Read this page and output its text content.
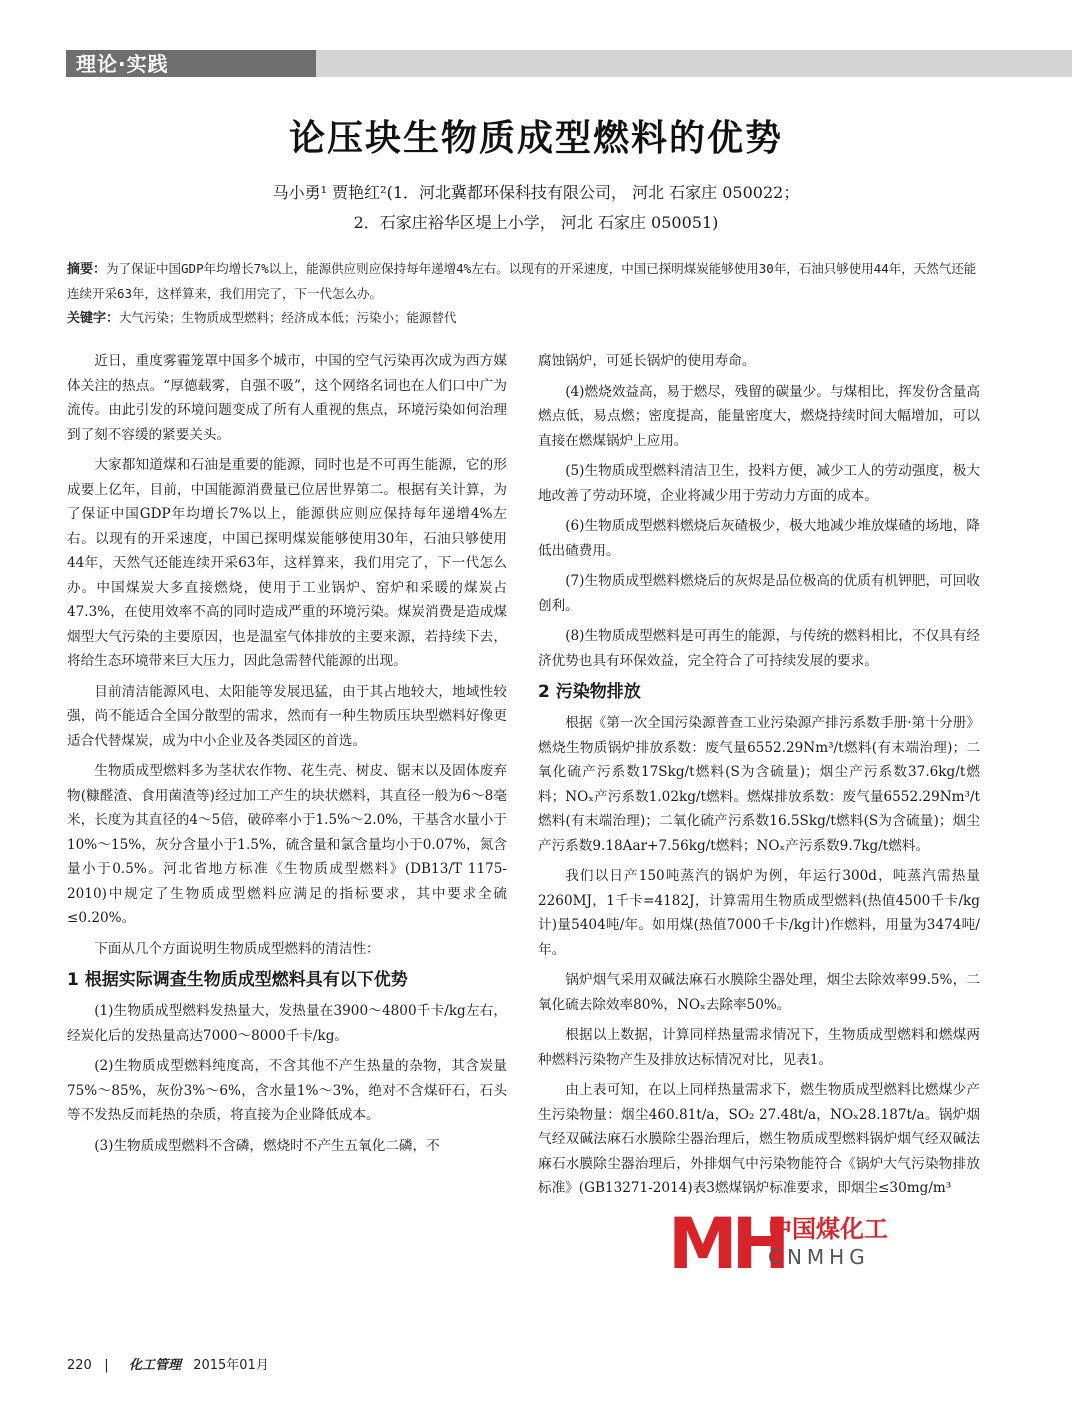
理论·实践
论压块生物质成型燃料的优势
马小勇¹ 贾艳红²(1．河北冀都环保科技有限公司， 河北 石家庄 050022；
2．石家庄裕华区堤上小学， 河北 石家庄 050051)

摘要：为了保证中国GDP年均增长7%以上，能源供应则应保持每年递增4%左右。以现有的开采速度，中国已探明煤炭能够使用30年，石油只够使用44年，天然气还能连续开采63年，这样算来，我们用完了，下一代怎么办。

关键字：大气污染；生物质成型燃料；经济成本低；污染小；能源替代

近日，重度雾霾笼罩中国多个城市，中国的空气污染再次成为西方媒体关注的热点。“厚德载雾，自强不吸”，这个网络名词也在人们口中广为流传。由此引发的环境问题变成了所有人重视的焦点，环境污染如何治理到了刻不容缓的紧要关头。

大家都知道煤和石油是重要的能源，同时也是不可再生能源，它的形成要上亿年，目前，中国能源消费量已位居世界第二。根据有关计算，为了保证中国GDP年均增长7%以上，能源供应则应保持每年递增4%左右。以现有的开采速度，中国已探明煤炭能够使用30年，石油只够使用44年，天然气还能连续开采63年，这样算来，我们用完了，下一代怎么办。中国煤炭大多直接燃烧，使用于工业锅炉、窑炉和采暖的煤炭占47.3%，在使用效率不高的同时造成严重的环境污染。煤炭消费是造成煤烟型大气污染的主要原因，也是温室气体排放的主要来源，若持续下去，将给生态环境带来巨大压力，因此急需替代能源的出现。

目前清洁能源风电、太阳能等发展迅猛，由于其占地较大，地域性较强，尚不能适合全国分散型的需求，然而有一种生物质压块型燃料好像更适合代替煤炭，成为中小企业及各类园区的首选。

生物质成型燃料多为茎状农作物、花生壳、树皮、锯末以及固体废弃物(糠醛渣、食用菌渣等)经过加工产生的块状燃料，其直径一般为6～8毫米，长度为其直径的4～5倍，破碎率小于1.5%～2.0%，干基含水量小于10%～15%，灰分含量小于1.5%，硫含量和氯含量均小于0.07%，氮含量小于0.5%。河北省地方标准《生物质成型燃料》(DB13/T 1175-2010)中规定了生物质成型燃料应满足的指标要求，其中要求全硫≤0.20%。

下面从几个方面说明生物质成型燃料的清洁性：

1 根据实际调查生物质成型燃料具有以下优势

(1)生物质成型燃料发热量大，发热量在3900～4800千卡/kg左右，经炭化后的发热量高达7000～8000千卡/kg。

(2)生物质成型燃料纯度高，不含其他不产生热量的杂物，其含炭量75%～85%，灰份3%～6%，含水量1%～3%，绝对不含煤矸石，石头等不发热反而耗热的杂质，将直接为企业降低成本。

(3)生物质成型燃料不含磷，燃烧时不产生五氧化二磷，不

腐蚀锅炉，可延长锅炉的使用寿命。

(4)燃烧效益高，易于燃尽，残留的碳量少。与煤相比，挥发份含量高燃点低，易点燃；密度提高，能量密度大，燃烧持续时间大幅增加，可以直接在燃煤锅炉上应用。

(5)生物质成型燃料清洁卫生，投料方便，减少工人的劳动强度，极大地改善了劳动环境，企业将减少用于劳动力方面的成本。

(6)生物质成型燃料燃烧后灰碴极少，极大地减少堆放煤碴的场地，降低出碴费用。

(7)生物质成型燃料燃烧后的灰烬是品位极高的优质有机钾肥，可回收创利。

(8)生物质成型燃料是可再生的能源，与传统的燃料相比，不仅具有经济优势也具有环保效益，完全符合了可持续发展的要求。

2 污染物排放

根据《第一次全国污染源普查工业污染源产排污系数手册·第十分册》燃烧生物质锅炉排放系数：废气量6552.29Nm³/t燃料(有末端治理)；二氧化硫产污系数17Skg/t燃料(S为含硫量)；烟尘产污系数37.6kg/t燃料；NOₓ产污系数1.02kg/t燃料。燃煤排放系数：废气量6552.29Nm³/t燃料(有末端治理)；二氧化硫产污系数16.5Skg/t燃料(S为含硫量)；烟尘产污系数9.18Aar+7.56kg/t燃料；NOₓ产污系数9.7kg/t燃料。

我们以日产150吨蒸汽的锅炉为例，年运行300d，吨蒸汽需热量2260MJ，1千卡=4182J，计算需用生物质成型燃料(热值4500千卡/kg计)量5404吨/年。如用煤(热值7000千卡/kg计)作燃料，用量为3474吨/年。

锅炉烟气采用双碱法麻石水膜除尘器处理，烟尘去除效率99.5%，二氧化硫去除效率80%，NOₓ去除率50%。

根据以上数据，计算同样热量需求情况下，生物质成型燃料和燃煤两种燃料污染物产生及排放达标情况对比，见表1。

由上表可知，在以上同样热量需求下，燃生物质成型燃料比燃煤少产生污染物量：烟尘460.81t/a，SO₂ 27.48t/a，NOₓ28.187t/a。锅炉烟气经双碱法麻石水膜除尘器治理后，燃生物质成型燃料锅炉烟气经双碱法麻石水膜除尘器治理后，外排烟气中污染物能符合《锅炉大气污染物排放标准》(GB13271-2014)表3燃煤锅炉标准要求，即烟尘≤30mg/m³

MH
中国煤化工
CNMHG
220 | 化工管理 2015年01月
